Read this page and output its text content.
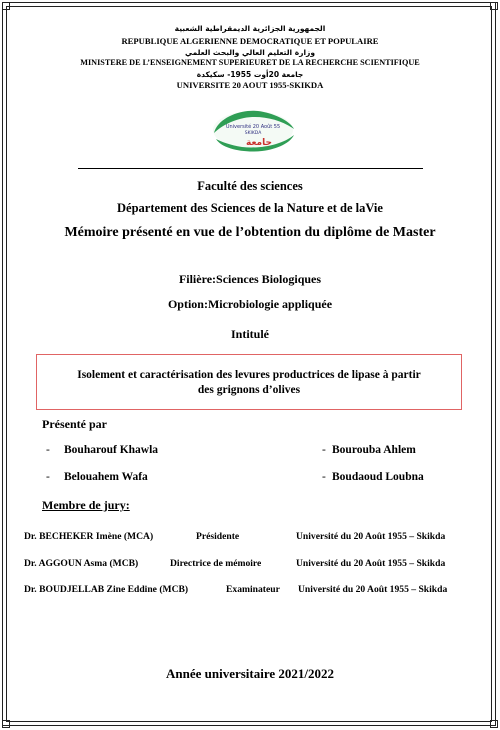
الجمهورية الجزائرية الديمقراطية الشعبية
REPUBLIQUE ALGERIENNE DEMOCRATIQUE ET POPULAIRE
وزارة التعليم العالي والبحث العلمي
MINISTERE DE L’ENSEIGNEMENT SUPERIEURET DE LA RECHERCHE SCIENTIFIQUE
جامعة 20أوت 1955- سكيكدة
UNIVERSITE 20 AOUT 1955-SKIKDA
Université 20 Août 55
SKIKDA
جامعة
Faculté des sciences
Département des Sciences de la Nature et de laVie
Mémoire présenté en vue de l’obtention du diplôme de Master
Filière:Sciences Biologiques
Option:Microbiologie appliquée
Intitulé
Isolement et caractérisation des levures productrices de lipase à partir
des grignons d’olives
Présenté par
- Bouharouf Khawla	- Bourouba Ahlem
- Belouahem Wafa	- Boudaoud Loubna
Membre de jury:
Dr. BECHEKER Imène (MCA)	Présidente	Université du 20 Août 1955 – Skikda
Dr. AGGOUN Asma (MCB)	Directrice de mémoire	Université du 20 Août 1955 – Skikda
Dr. BOUDJELLAB Zine Eddine (MCB)	Examinateur Université du 20 Août 1955 – Skikda
Année universitaire 2021/2022
